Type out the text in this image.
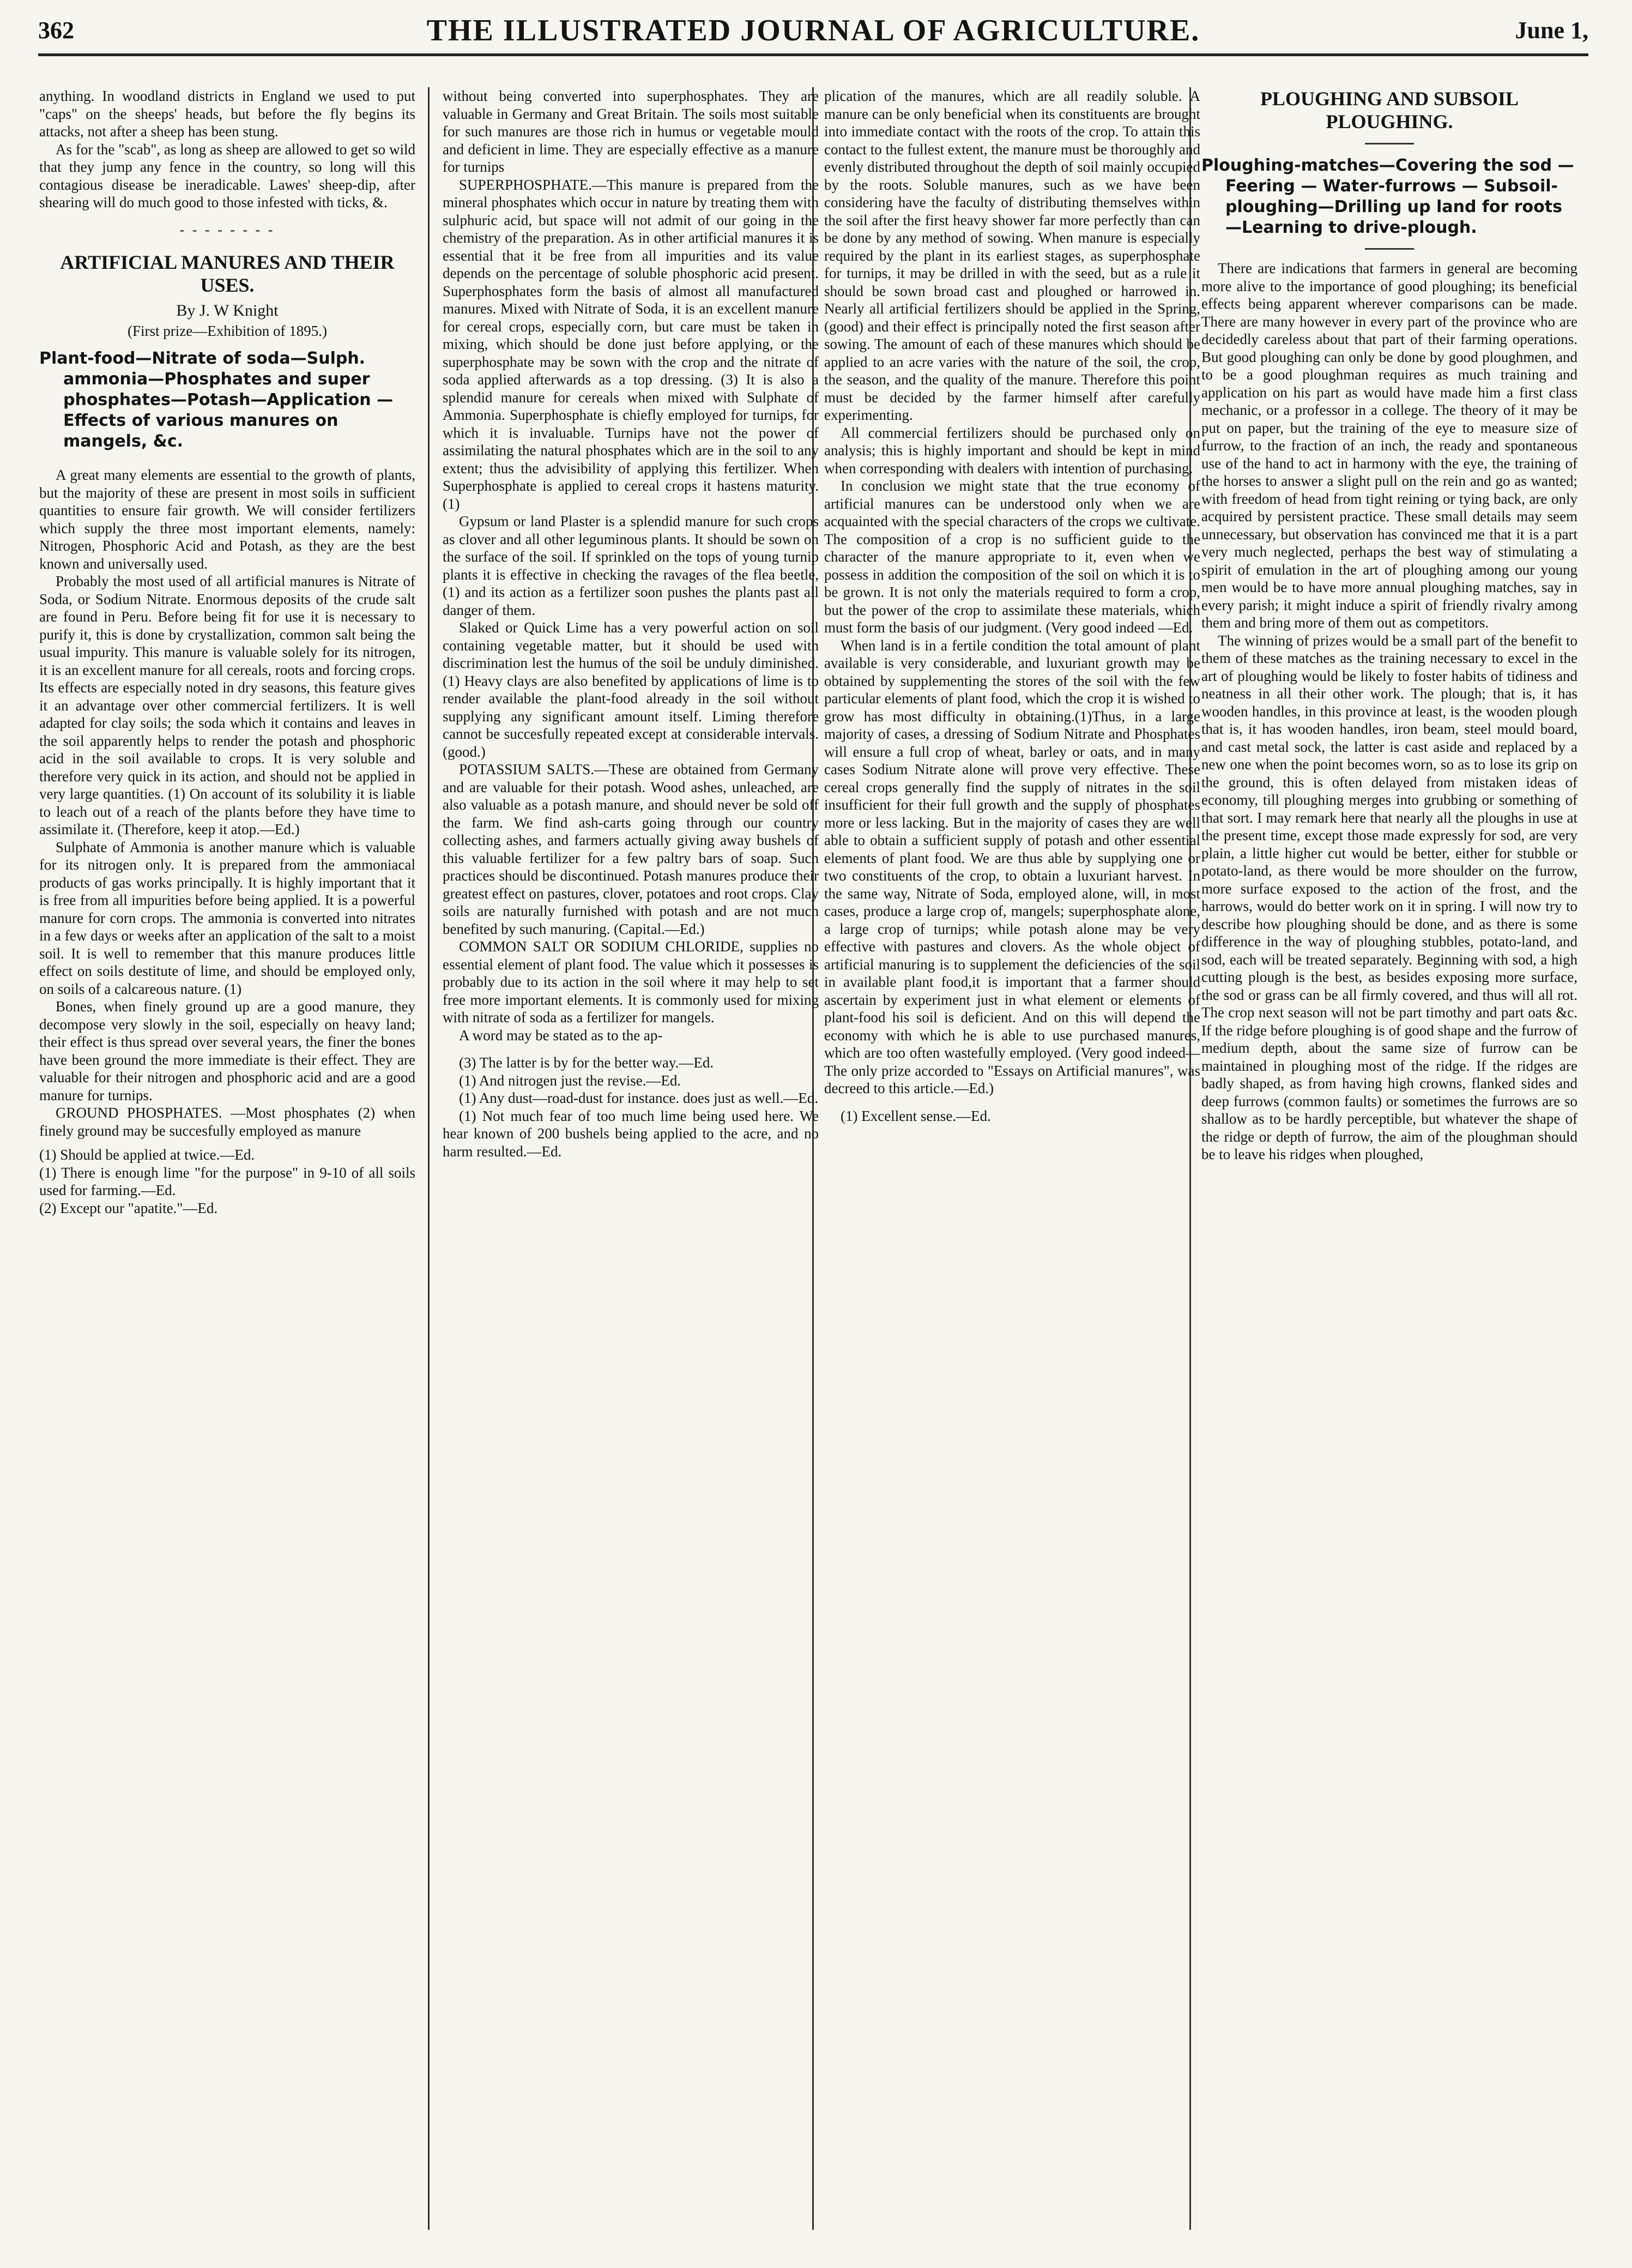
362	THE ILLUSTRATED JOURNAL OF AGRICULTURE.	June 1,

anything. In woodland districts in England we used to put "caps" on the sheeps' heads, but before the fly begins its attacks, not after a sheep has been stung.

As for the "scab", as long as sheep are allowed to get so wild that they jump any fence in the country, so long will this contagious disease be ineradicable. Lawes' sheep-dip, after shearing will do much good to those infested with ticks, &.

- - - - - - - -
ARTIFICIAL MANURES AND THEIR USES.
By J. W Knight
(First prize—Exhibition of 1895.)
Plant-food—Nitrate of soda—Sulph. ammonia—Phosphates and super phosphates—Potash—Application —Effects of various manures on mangels, &c.

A great many elements are essential to the growth of plants, but the majority of these are present in most soils in sufficient quantities to ensure fair growth. We will consider fertilizers which supply the three most important elements, namely: Nitrogen, Phosphoric Acid and Potash, as they are the best known and universally used.

Probably the most used of all artificial manures is Nitrate of Soda, or Sodium Nitrate. Enormous deposits of the crude salt are found in Peru. Before being fit for use it is necessary to purify it, this is done by crystallization, common salt being the usual impurity. This manure is valuable solely for its nitrogen, it is an excellent manure for all cereals, roots and forcing crops. Its effects are especially noted in dry seasons, this feature gives it an advantage over other commercial fertilizers. It is well adapted for clay soils; the soda which it contains and leaves in the soil apparently helps to render the potash and phosphoric acid in the soil available to crops. It is very soluble and therefore very quick in its action, and should not be applied in very large quantities. (1) On account of its solubility it is liable to leach out of a reach of the plants before they have time to assimilate it. (Therefore, keep it atop.—Ed.)

Sulphate of Ammonia is another manure which is valuable for its nitrogen only. It is prepared from the ammoniacal products of gas works principally. It is highly important that it is free from all impurities before being applied. It is a powerful manure for corn crops. The ammonia is converted into nitrates in a few days or weeks after an application of the salt to a moist soil. It is well to remember that this manure produces little effect on soils destitute of lime, and should be employed only, on soils of a calcareous nature. (1)

Bones, when finely ground up are a good manure, they decompose very slowly in the soil, especially on heavy land; their effect is thus spread over several years, the finer the bones have been ground the more immediate is their effect. They are valuable for their nitrogen and phosphoric acid and are a good manure for turnips.

GROUND PHOSPHATES. —Most phosphates (2) when finely ground may be succesfully employed as manure

(1) Should be applied at twice.—Ed.

(1) There is enough lime "for the purpose" in 9-10 of all soils used for farming.—Ed.

(2) Except our "apatite."—Ed.

without being converted into superphosphates. They are valuable in Germany and Great Britain. The soils most suitable for such manures are those rich in humus or vegetable mould and deficient in lime. They are especially effective as a manure for turnips

SUPERPHOSPHATE.—This manure is prepared from the mineral phosphates which occur in nature by treating them with sulphuric acid, but space will not admit of our going in the chemistry of the preparation. As in other artificial manures it is essential that it be free from all impurities and its value depends on the percentage of soluble phosphoric acid present. Superphosphates form the basis of almost all manufactured manures. Mixed with Nitrate of Soda, it is an excellent manure for cereal crops, especially corn, but care must be taken in mixing, which should be done just before applying, or the superphosphate may be sown with the crop and the nitrate of soda applied afterwards as a top dressing. (3) It is also a splendid manure for cereals when mixed with Sulphate of Ammonia. Superphosphate is chiefly employed for turnips, for which it is invaluable. Turnips have not the power of assimilating the natural phosphates which are in the soil to any extent; thus the advisibility of applying this fertilizer. When Superphosphate is applied to cereal crops it hastens maturity. (1)

Gypsum or land Plaster is a splendid manure for such crops as clover and all other leguminous plants. It should be sown on the surface of the soil. If sprinkled on the tops of young turnip plants it is effective in checking the ravages of the flea beetle, (1) and its action as a fertilizer soon pushes the plants past all danger of them.

Slaked or Quick Lime has a very powerful action on soil containing vegetable matter, but it should be used with discrimination lest the humus of the soil be unduly diminished. (1) Heavy clays are also benefited by applications of lime is to render available the plant-food already in the soil without supplying any significant amount itself. Liming therefore cannot be succesfully repeated except at considerable intervals. (good.)

POTASSIUM SALTS.—These are obtained from Germany and are valuable for their potash. Wood ashes, unleached, are also valuable as a potash manure, and should never be sold off the farm. We find ash-carts going through our country collecting ashes, and farmers actually giving away bushels of this valuable fertilizer for a few paltry bars of soap. Such practices should be discontinued. Potash manures produce their greatest effect on pastures, clover, potatoes and root crops. Clay soils are naturally furnished with potash and are not much benefited by such manuring. (Capital.—Ed.)

COMMON SALT OR SODIUM CHLORIDE, supplies no essential element of plant food. The value which it possesses is probably due to its action in the soil where it may help to set free more important elements. It is commonly used for mixing with nitrate of soda as a fertilizer for mangels.

A word may be stated as to the ap-

(3) The latter is by for the better way.—Ed.

(1) And nitrogen just the revise.—Ed.

(1) Any dust—road-dust for instance. does just as well.—Ed.

(1) Not much fear of too much lime being used here. We hear known of 200 bushels being applied to the acre, and no harm resulted.—Ed.

plication of the manures, which are all readily soluble. A manure can be only beneficial when its constituents are brought into immediate contact with the roots of the crop. To attain this contact to the fullest extent, the manure must be thoroughly and evenly distributed throughout the depth of soil mainly occupied by the roots. Soluble manures, such as we have been considering have the faculty of distributing themselves within the soil after the first heavy shower far more perfectly than can be done by any method of sowing. When manure is especially required by the plant in its earliest stages, as superphosphate for turnips, it may be drilled in with the seed, but as a rule it should be sown broad cast and ploughed or harrowed in. Nearly all artificial fertilizers should be applied in the Spring, (good) and their effect is principally noted the first season after sowing. The amount of each of these manures which should be applied to an acre varies with the nature of the soil, the crop, the season, and the quality of the manure. Therefore this point must be decided by the farmer himself after carefully experimenting.

All commercial fertilizers should be purchased only on analysis; this is highly important and should be kept in mind when corresponding with dealers with intention of purchasing.

In conclusion we might state that the true economy of artificial manures can be understood only when we are acquainted with the special characters of the crops we cultivate. The composition of a crop is no sufficient guide to the character of the manure appropriate to it, even when we possess in addition the composition of the soil on which it is to be grown. It is not only the materials required to form a crop, but the power of the crop to assimilate these materials, which must form the basis of our judgment. (Very good indeed —Ed.

When land is in a fertile condition the total amount of plant available is very considerable, and luxuriant growth may be obtained by supplementing the stores of the soil with the few particular elements of plant food, which the crop it is wished to grow has most difficulty in obtaining.(1)Thus, in a large majority of cases, a dressing of Sodium Nitrate and Phosphates will ensure a full crop of wheat, barley or oats, and in many cases Sodium Nitrate alone will prove very effective. These cereal crops generally find the supply of nitrates in the soil insufficient for their full growth and the supply of phosphates more or less lacking. But in the majority of cases they are well able to obtain a sufficient supply of potash and other essential elements of plant food. We are thus able by supplying one or two constituents of the crop, to obtain a luxuriant harvest. In the same way, Nitrate of Soda, employed alone, will, in most cases, produce a large crop of, mangels; superphosphate alone, a large crop of turnips; while potash alone may be very effective with pastures and clovers. As the whole object of artificial manuring is to supplement the deficiencies of the soil in available plant food,it is important that a farmer should ascertain by experiment just in what element or elements of plant-food his soil is deficient. And on this will depend the economy with which he is able to use purchased manures, which are too often wastefully employed. (Very good indeed—The only prize accorded to "Essays on Artificial manures", was decreed to this article.—Ed.)

(1) Excellent sense.—Ed.

PLOUGHING AND SUBSOIL PLOUGHING.
Ploughing-matches—Covering the sod — Feering — Water-furrows — Subsoil-ploughing—Drilling up land for roots—Learning to drive-plough.

There are indications that farmers in general are becoming more alive to the importance of good ploughing; its beneficial effects being apparent wherever comparisons can be made. There are many however in every part of the province who are decidedly careless about that part of their farming operations. But good ploughing can only be done by good ploughmen, and to be a good ploughman requires as much training and application on his part as would have made him a first class mechanic, or a professor in a college. The theory of it may be put on paper, but the training of the eye to measure size of furrow, to the fraction of an inch, the ready and spontaneous use of the hand to act in harmony with the eye, the training of the horses to answer a slight pull on the rein and go as wanted; with freedom of head from tight reining or tying back, are only acquired by persistent practice. These small details may seem unnecessary, but observation has convinced me that it is a part very much neglected, perhaps the best way of stimulating a spirit of emulation in the art of ploughing among our young men would be to have more annual ploughing matches, say in every parish; it might induce a spirit of friendly rivalry among them and bring more of them out as competitors.

The winning of prizes would be a small part of the benefit to them of these matches as the training necessary to excel in the art of ploughing would be likely to foster habits of tidiness and neatness in all their other work. The plough; that is, it has wooden handles, in this province at least, is the wooden plough that is, it has wooden handles, iron beam, steel mould board, and cast metal sock, the latter is cast aside and replaced by a new one when the point becomes worn, so as to lose its grip on the ground, this is often delayed from mistaken ideas of economy, till ploughing merges into grubbing or something of that sort. I may remark here that nearly all the ploughs in use at the present time, except those made expressly for sod, are very plain, a little higher cut would be better, either for stubble or potato-land, as there would be more shoulder on the furrow, more surface exposed to the action of the frost, and the harrows, would do better work on it in spring. I will now try to describe how ploughing should be done, and as there is some difference in the way of ploughing stubbles, potato-land, and sod, each will be treated separately. Beginning with sod, a high cutting plough is the best, as besides exposing more surface, the sod or grass can be all firmly covered, and thus will all rot. The crop next season will not be part timothy and part oats &c. If the ridge before ploughing is of good shape and the furrow of medium depth, about the same size of furrow can be maintained in ploughing most of the ridge. If the ridges are badly shaped, as from having high crowns, flanked sides and deep furrows (common faults) or sometimes the furrows are so shallow as to be hardly perceptible, but whatever the shape of the ridge or depth of furrow, the aim of the ploughman should be to leave his ridges when ploughed,
